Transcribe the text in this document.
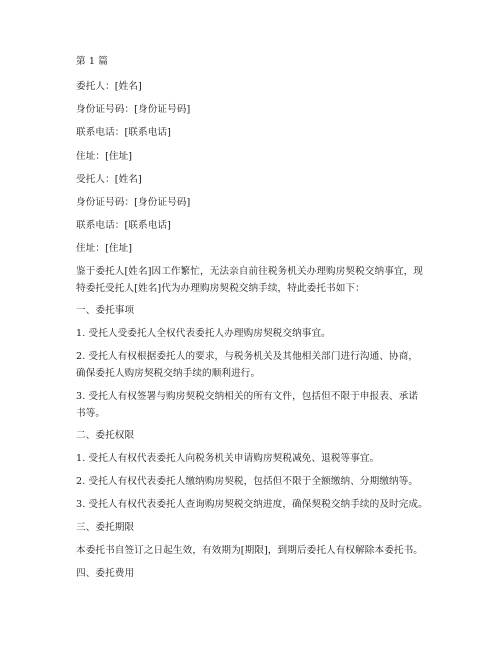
第 1 篇
委托人：[姓名]
身份证号码：[身份证号码]
联系电话：[联系电话]
住址：[住址]
受托人：[姓名]
身份证号码：[身份证号码]
联系电话：[联系电话]
住址：[住址]
鉴于委托人[姓名]因工作繁忙，无法亲自前往税务机关办理购房契税交纳事宜，现
特委托受托人[姓名]代为办理购房契税交纳手续，特此委托书如下：
一、委托事项
1. 受托人受委托人全权代表委托人办理购房契税交纳事宜。
2. 受托人有权根据委托人的要求，与税务机关及其他相关部门进行沟通、协商，
确保委托人购房契税交纳手续的顺利进行。
3. 受托人有权签署与购房契税交纳相关的所有文件，包括但不限于申报表、承诺
书等。
二、委托权限
1. 受托人有权代表委托人向税务机关申请购房契税减免、退税等事宜。
2. 受托人有权代表委托人缴纳购房契税，包括但不限于全额缴纳、分期缴纳等。
3. 受托人有权代表委托人查询购房契税交纳进度，确保契税交纳手续的及时完成。
三、委托期限
本委托书自签订之日起生效，有效期为[期限]，到期后委托人有权解除本委托书。
四、委托费用
